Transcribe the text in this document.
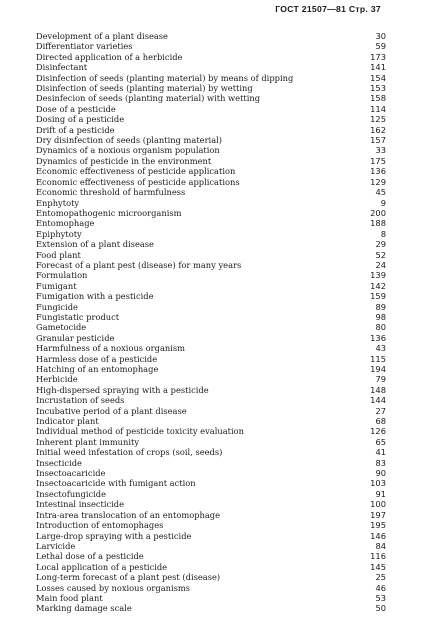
ГОСТ 21507—81 Стр. 37
Development of a plant disease	30
Differentiator varieties	59
Directed application of a herbicide	173
Disinfectant	141
Disinfection of seeds (planting material) by means of dipping	154
Disinfection of seeds (planting material) by wetting	153
Desinfecion of seeds (planting material) with wetting	158
Dose of a pesticide	114
Dosing of a pesticide	125
Drift of a pesticide	162
Dry disinfection of seeds (planting material)	157
Dynamics of a noxious organism population	33
Dynamics of pesticide in the environment	175
Economic effectiveness of pesticide application	136
Economic effectiveness of pesticide applications	129
Economic threshold of harmfulness	45
Enphytoty	9
Entomopathogenic microorganism	200
Entomophage	188
Epiphytoty	8
Extension of a plant disease	29
Food plant	52
Forecast of a plant pest (disease) for many years	24
Formulation	139
Fumigant	142
Fumigation with a pesticide	159
Fungicide	89
Fungistatic product	98
Gametocide	80
Granular pesticide	136
Harmfulness of a noxious organism	43
Harmless dose of a pesticide	115
Hatching of an entomophage	194
Herbicide	79
High-dispersed spraying with a pesticide	148
Incrustation of seeds	144
Incubative period of a plant disease	27
Indicator plant	68
Individual method of pesticide toxicity evaluation	126
Inherent plant immunity	65
Initial weed infestation of crops (soil, seeds)	41
Insecticide	83
Insectoacaricide	90
Insectoacaricide with fumigant action	103
Insectofungicide	91
Intestinal insecticide	100
Intra-area translocation of an entomophage	197
Introduction of entomophages	195
Large-drop spraying with a pesticide	146
Larvicide	84
Lethal dose of a pesticide	116
Local application of a pesticide	145
Long-term forecast of a plant pest (disease)	25
Losses caused by noxious organisms	46
Main food plant	53
Marking damage scale	50
